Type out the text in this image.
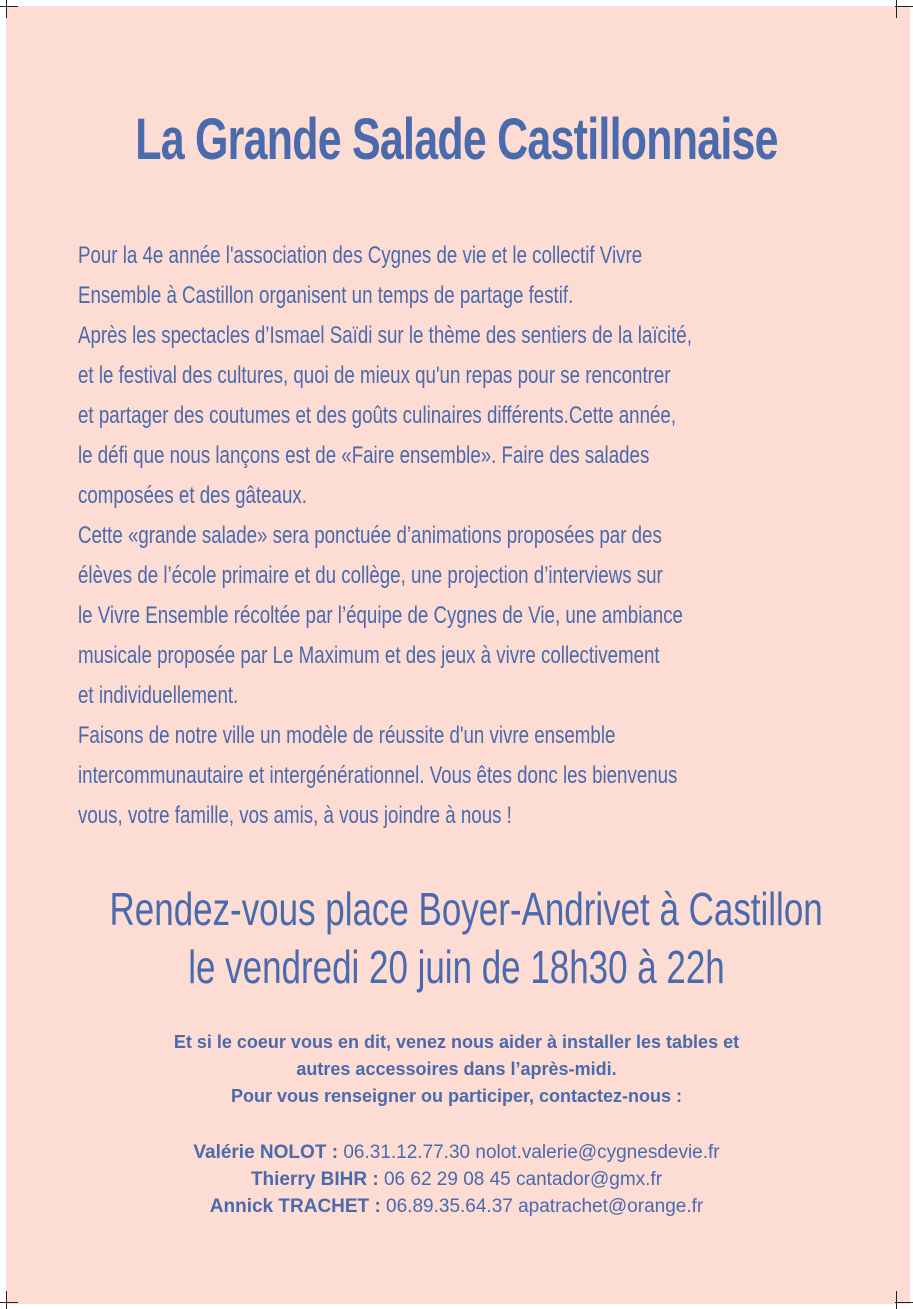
La Grande Salade Castillonnaise
Pour la 4e année l'association des Cygnes de vie et le collectif Vivre
Ensemble à Castillon organisent un temps de partage festif.
Après les spectacles d’Ismael Saïdi sur le thème des sentiers de la laïcité,
et le festival des cultures, quoi de mieux qu'un repas pour se rencontrer
et partager des coutumes et des goûts culinaires différents.Cette année,
le défi que nous lançons est de «Faire ensemble». Faire des salades
composées et des gâteaux.
Cette «grande salade» sera ponctuée d’animations proposées par des
élèves de l’école primaire et du collège, une projection d’interviews sur
le Vivre Ensemble récoltée par l’équipe de Cygnes de Vie, une ambiance
musicale proposée par Le Maximum et des jeux à vivre collectivement
et individuellement.
Faisons de notre ville un modèle de réussite d'un vivre ensemble
intercommunautaire et intergénérationnel. Vous êtes donc les bienvenus
vous, votre famille, vos amis, à vous joindre à nous !
Rendez-vous place Boyer-Andrivet à Castillon
le vendredi 20 juin de 18h30 à 22h
Et si le coeur vous en dit, venez nous aider à installer les tables et
autres accessoires dans l’après-midi.
Pour vous renseigner ou participer, contactez-nous :
Valérie NOLOT : 06.31.12.77.30 nolot.valerie@cygnesdevie.fr
Thierry BIHR : 06 62 29 08 45 cantador@gmx.fr
Annick TRACHET : 06.89.35.64.37 apatrachet@orange.fr
